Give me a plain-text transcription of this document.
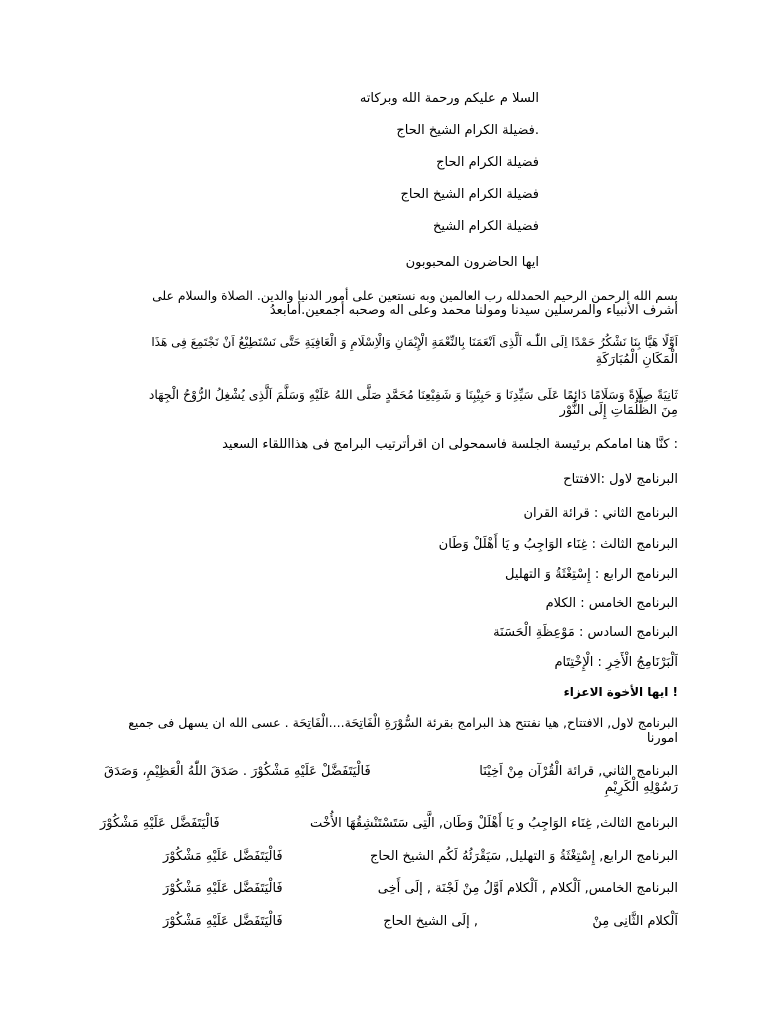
السلا م عليكم ورحمة الله وبركاته
.فضيلة الكرام الشيخ الحاج
فضيلة الكرام الحاج
فضيلة الكرام الشيخ الحاج
فضيلة الكرام الشيخ
ايها الحاضرون المحبوبون
بسم الله الرحمن الرحيم الحمدلله رب العالمين وبه نستعين على أمور الدنيا والدين. الصلاة والسلام على
أشرف الأنبياء والمرسلين سيدنا ومولنا محمد وعلى اله وصحبه أجمعين.أمابعدُ
اَوَّلًا هَيَّا بِنَا نَشْكُرُ حَمْدًا اِلَى اللّٰـه اَلَّذِى اَنْعَمَنَا بِالنِّعْمَةِ الْإِيْمَانِ وَالْاِسْلَامِ وَ الْعَافِيَةِ حَتَّى نَسْتَطِيْعُ اَنْ نَجْتَمِعَ فِى هَذَا
الْمَكَانِ الْمُبَارَكَةِ
ثَانِيَةً صِلَاةً وَسَلَامًا دَائِمًا عَلَى سَيِّدِنَا وَ حَبِيْبِنَا وَ شَفِيْعِنَا مُحَمَّدٍ صَلَّى اللهُ عَلَيْهِ وَسَلَّمَ اَلَّذِى يُشْغِلُ الرُّوْحُ الْجِهَاد
مِنَ الظُّلُمَاتِ إِلَى النُّوْر
: كنَّا هنا امامكم برئيسة الجلسة فاسمحولى ان اقرأترتيب البرامج فى هذااللقاء السعيد
البرنامج لاول :الافتتاح
البرنامج الثاني : قرائة القران
البرنامج الثالث : غِنَاء الوَاجِبُ و يَا أَهْلَلْ وَطَان
البرنامج الرابع : إِسْتِغْثَةُ وَ التهليل
البرنامج الخامس : الكلام
البرنامج السادس : مَوْعِظَةِ الْحَسَنَة
اَلْبَرْنَامِجُ الْأَخِرِ : الْإِخْتِتَام
! ايها الأخوة الاعزاء
البرنامج لاول, الافتتاح, هيا نفتتح هذ البرامج بقرئة السُّوْرَةِ الْفَاتِحَة....الْفَاتِحَة . عسى الله ان يسهل فى جميع
امورنا
البرنامج الثاني, قرائة الْقُرْآن مِنْ اَخِيْنَا
فَالْيَتَفَضَّلْ عَلَيْهِ مَشْكُوْرَ . صَدَقَ اللّٰهُ الْعَظِيْمِ، وَصَدَقَ
رَسُوْلِهِ الْكَرِيْمِ
البرنامج الثالث, غِنَاء الوَاجِبُ و يَا أَهْلَلْ وَطَان, الَّتِى سَتَسْتَنْشِقُهَا الأُخْت
فَالْيَتَفَضَّل عَلَيْهِ مَشْكُوْرَ
البرنامج الرابع, إِسْتِغْثَةُ وَ التهليل, سَيَقْرَئُهُ لَكُم الشيخ الحاج
فَالْيَتَفَضَّل عَلَيْهِ مَشْكُوْرَ
البرنامج الخامس, اَلْكلام , اَلْكلام اَوَّلُ مِنْ لَجْنَة , إلَى أَخِى
فَالْيَتَفَضَّل عَلَيْهِ مَشْكُوْرَ
اَلْكلام الثَّانِى مِنْ
, إلَى الشيخ الحاج
فَالْيَتَفَضَّل عَلَيْهِ مَشْكُوْرَ
